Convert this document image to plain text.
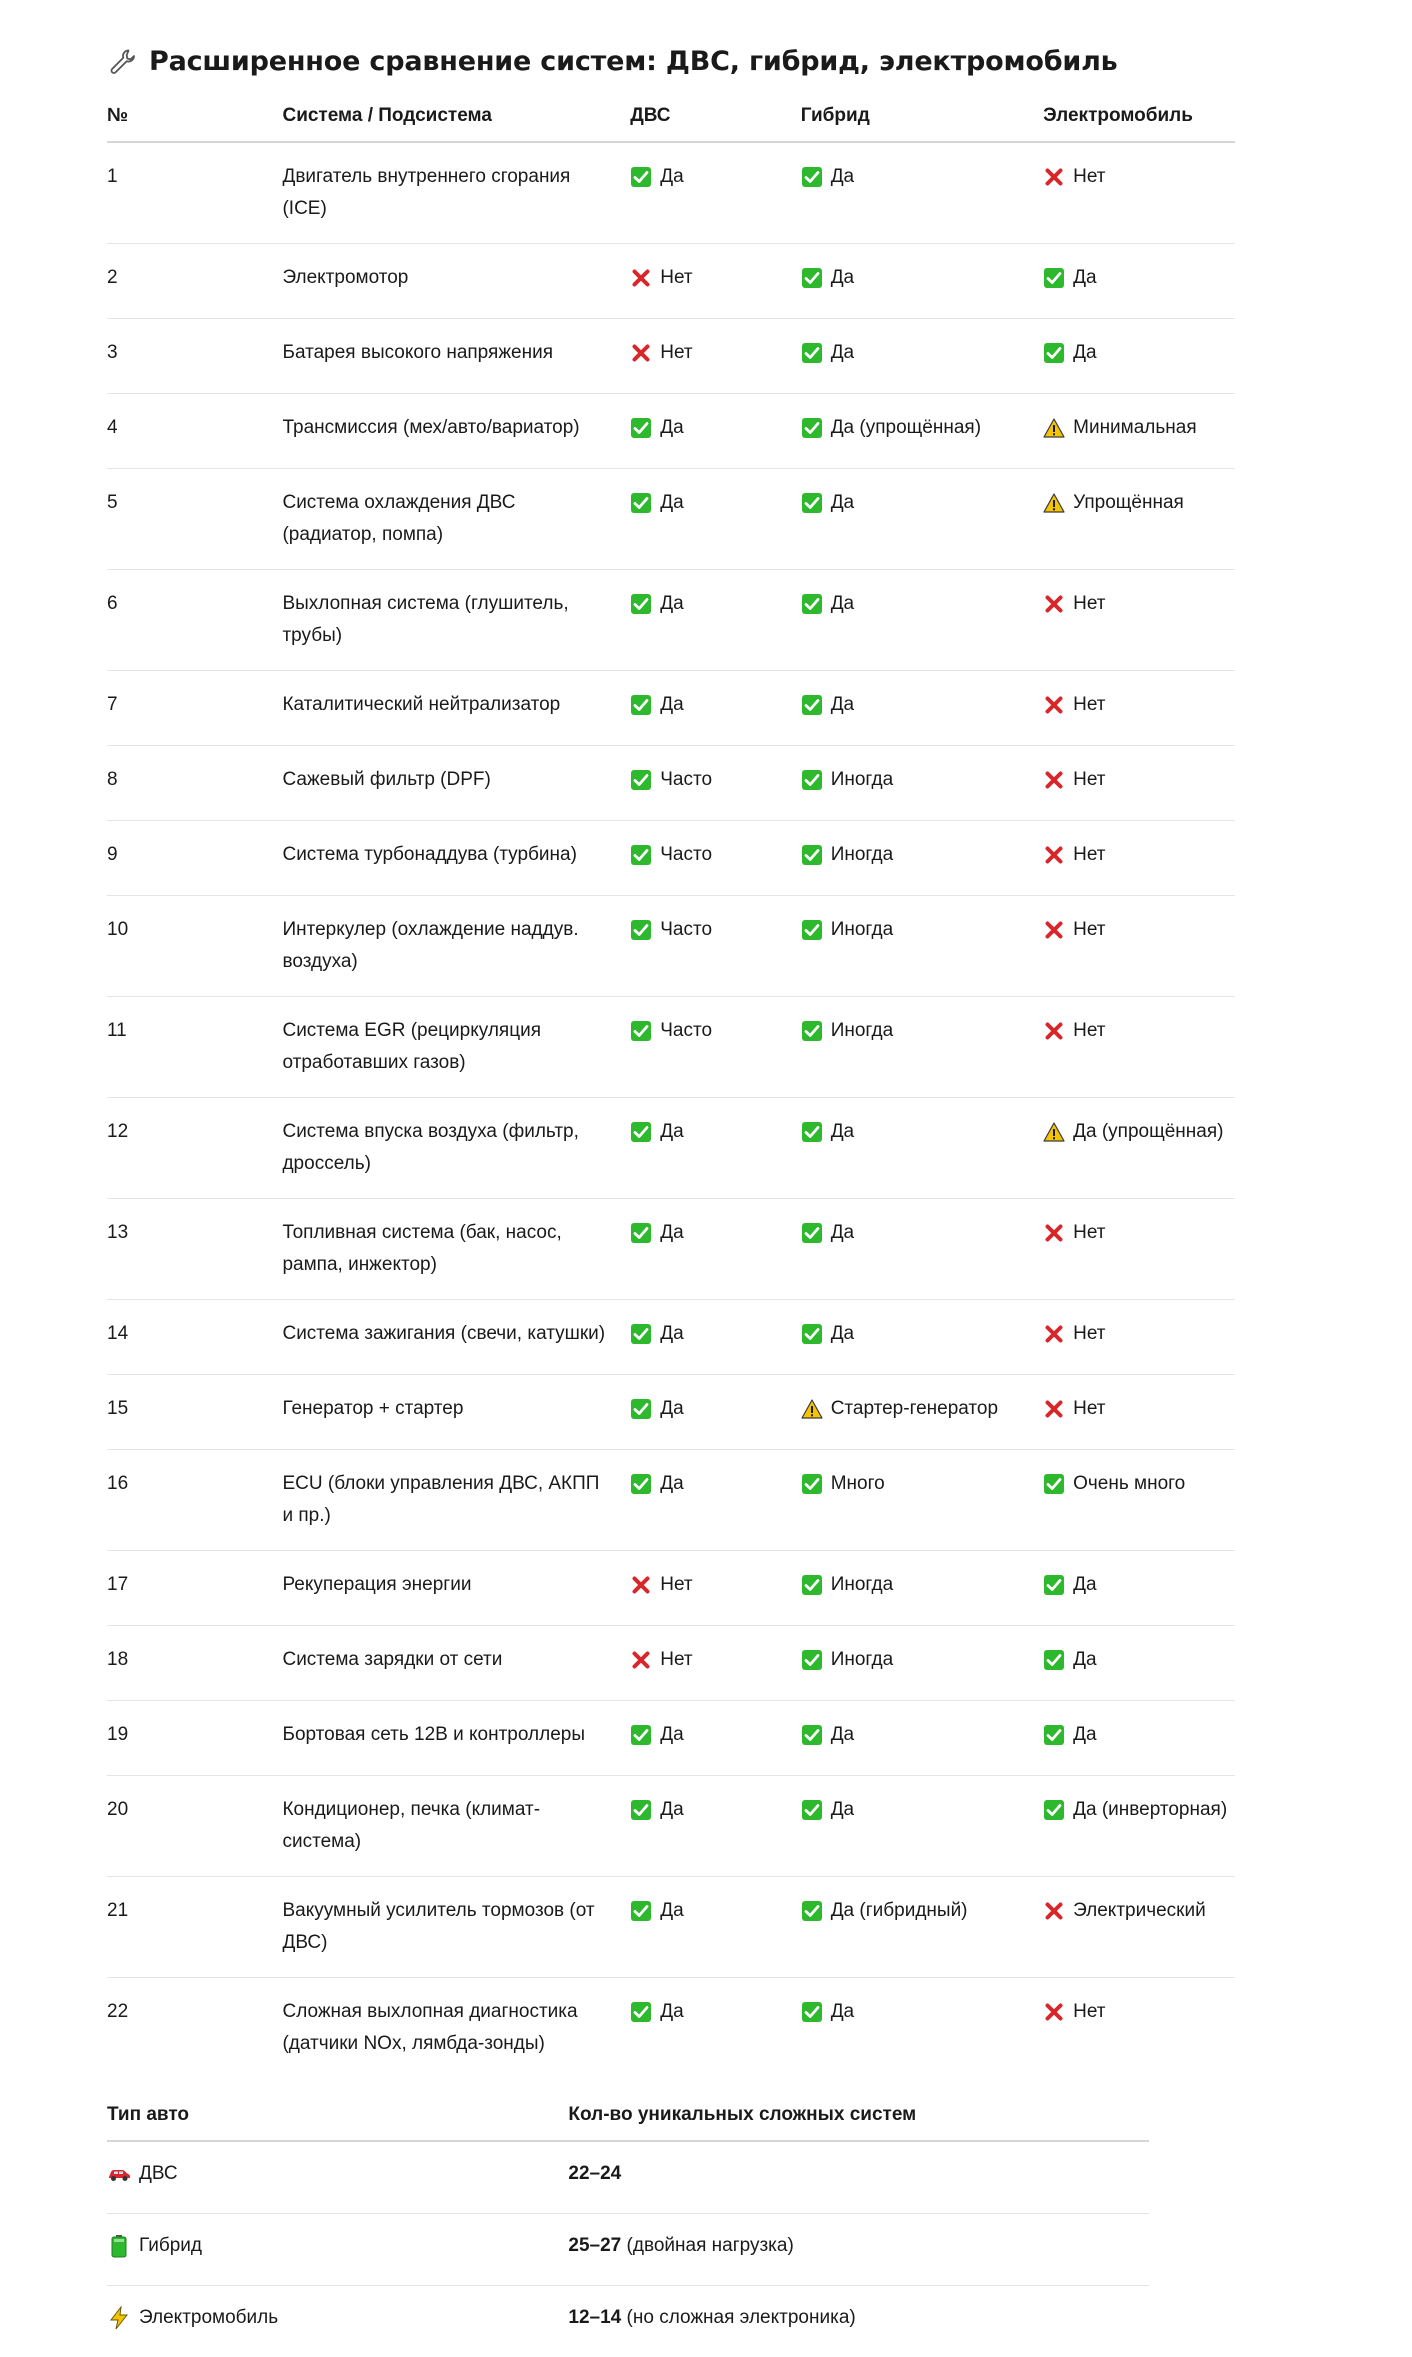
Расширенное сравнение систем: ДВС, гибрид, электромобиль
№	Система / Подсистема	ДВС	Гибрид	Электромобиль
1	Двигатель внутреннего сгорания (ICE)	Да	Да	Нет

2	Электромотор	Нет	Да	Да

3	Батарея высокого напряжения	Нет	Да	Да

4	Трансмиссия (мех/авто/вариатор)	Да	Да (упрощённая)	Минимальная

5	Система охлаждения ДВС (радиатор, помпа)	Да	Да	Упрощённая

6	Выхлопная система (глушитель, трубы)	Да	Да	Нет

7	Каталитический нейтрализатор	Да	Да	Нет

8	Сажевый фильтр (DPF)	Часто	Иногда	Нет

9	Система турбонаддува (турбина)	Часто	Иногда	Нет

10	Интеркулер (охлаждение наддув. воздуха)	Часто	Иногда	Нет

11	Система EGR (рециркуляция отработавших газов)	Часто	Иногда	Нет

12	Система впуска воздуха (фильтр, дроссель)	Да	Да	Да (упрощённая)

13	Топливная система (бак, насос, рампа, инжектор)	Да	Да	Нет

14	Система зажигания (свечи, катушки)	Да	Да	Нет

15	Генератор + стартер	Да	Стартер-генератор	Нет

16	ECU (блоки управления ДВС, АКПП и пр.)	Да	Много	Очень много

17	Рекуперация энергии	Нет	Иногда	Да

18	Система зарядки от сети	Нет	Иногда	Да

19	Бортовая сеть 12В и контроллеры	Да	Да	Да

20	Кондиционер, печка (климат-система)	Да	Да	Да (инверторная)

21	Вакуумный усилитель тормозов (от ДВС)	Да	Да (гибридный)	Электрический

22	Сложная выхлопная диагностика (датчики NOx, лямбда-зонды)	Да	Да	Нет
Тип авто	Кол-во уникальных сложных систем

ДВС	22–24

Гибрид	25–27 (двойная нагрузка)

Электромобиль	12–14 (но сложная электроника)
